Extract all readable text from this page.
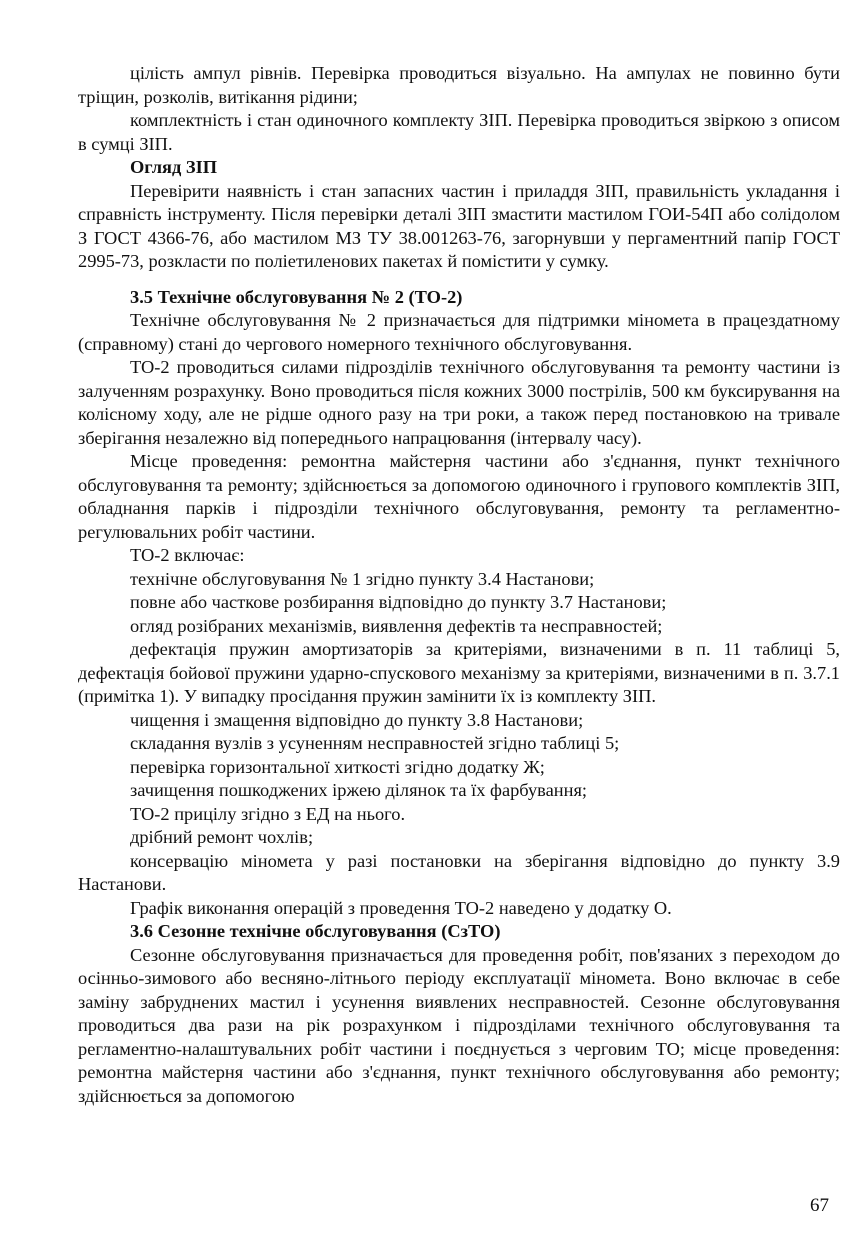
цілість ампул рівнів. Перевірка проводиться візуально. На ампулах не повинно бути тріщин, розколів, витікання рідини;

комплектність і стан одиночного комплекту ЗІП. Перевірка проводиться звіркою з описом в сумці ЗІП.

Огляд ЗІП

Перевірити наявність і стан запасних частин і приладдя ЗІП, правильність укладання і справність інструменту. Після перевірки деталі ЗІП змастити мастилом ГОИ-54П або солідолом З ГОСТ 4366-76, або мастилом МЗ ТУ 38.001263-76, загорнувши у пергаментний папір ГОСТ 2995-73, розкласти по поліетиленових пакетах й помістити у сумку.

3.5 Технічне обслуговування № 2 (ТО-2)

Технічне обслуговування № 2 призначається для підтримки міномета в працездатному (справному) стані до чергового номерного технічного обслуговування.

ТО-2 проводиться силами підрозділів технічного обслуговування та ремонту частини із залученням розрахунку. Воно проводиться після кожних 3000 пострілів, 500 км буксирування на колісному ходу, але не рідше одного разу на три роки, а також перед постановкою на тривале зберігання незалежно від попереднього напрацювання (інтервалу часу).

Місце проведення: ремонтна майстерня частини або з'єднання, пункт технічного обслуговування та ремонту; здійснюється за допомогою одиночного і групового комплектів ЗІП, обладнання парків і підрозділи технічного обслуговування, ремонту та регламентно-регулювальних робіт частини.

ТО-2 включає:

технічне обслуговування № 1 згідно пункту 3.4 Настанови;

повне або часткове розбирання відповідно до пункту 3.7 Настанови;

огляд розібраних механізмів, виявлення дефектів та несправностей;

дефектація пружин амортизаторів за критеріями, визначеними в п. 11 таблиці 5, дефектація бойової пружини ударно-спускового механізму за критеріями, визначеними в п. 3.7.1 (примітка 1). У випадку просідання пружин замінити їх із комплекту ЗІП.

чищення і змащення відповідно до пункту 3.8 Настанови;

складання вузлів з усуненням несправностей згідно таблиці 5;

перевірка горизонтальної хиткості згідно додатку Ж;

зачищення пошкоджених іржею ділянок та їх фарбування;

ТО-2 прицілу згідно з ЕД на нього.

дрібний ремонт чохлів;

консервацію міномета у разі постановки на зберігання відповідно до пункту 3.9 Настанови.

Графік виконання операцій з проведення ТО-2 наведено у додатку О.

3.6 Сезонне технічне обслуговування (СзТО)

Сезонне обслуговування призначається для проведення робіт, пов'язаних з переходом до осінньо-зимового або весняно-літнього періоду експлуатації міномета. Воно включає в себе заміну забруднених мастил і усунення виявлених несправностей. Сезонне обслуговування проводиться два рази на рік розрахунком і підрозділами технічного обслуговування та регламентно-налаштувальних робіт частини і поєднується з черговим ТО; місце проведення: ремонтна майстерня частини або з'єднання, пункт технічного обслуговування або ремонту; здійснюється за допомогою

67
